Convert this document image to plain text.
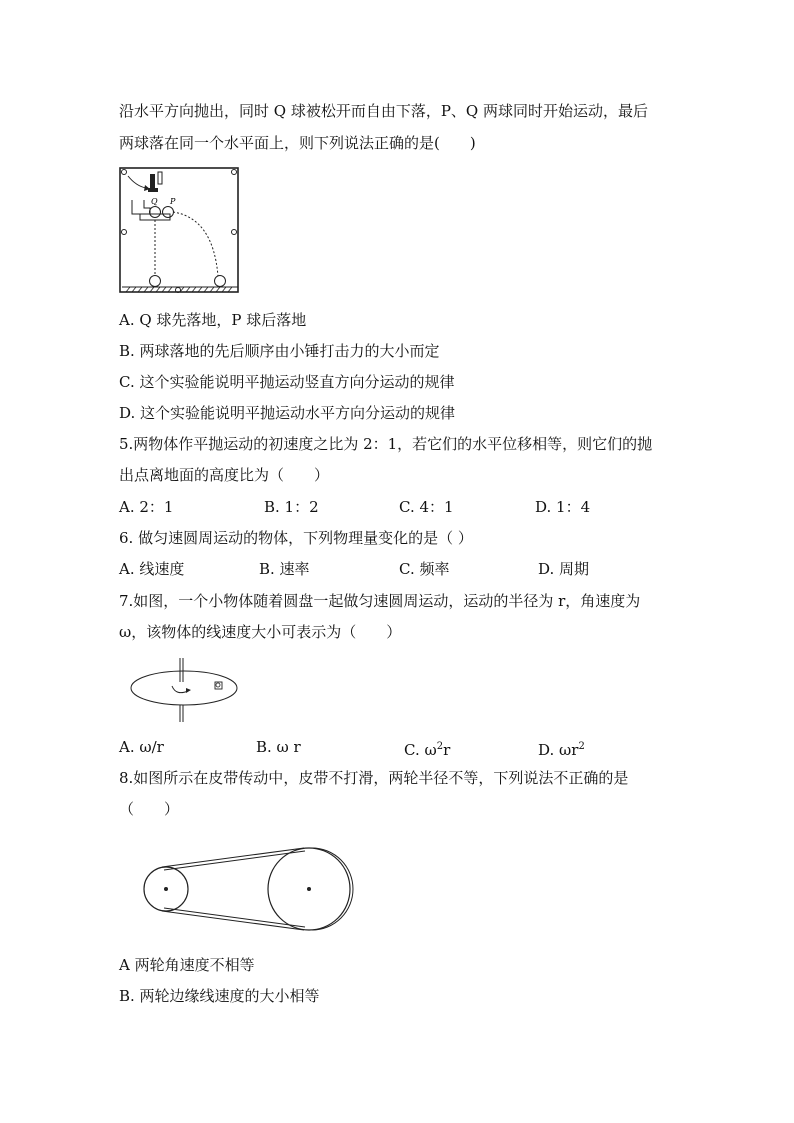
沿水平方向抛出，同时 Q 球被松开而自由下落，P、Q 两球同时开始运动，最后
两球落在同一个水平面上，则下列说法正确的是(　　)
Q P
A. Q 球先落地，P 球后落地
B. 两球落地的先后顺序由小锤打击力的大小而定
C. 这个实验能说明平抛运动竖直方向分运动的规律
D. 这个实验能说明平抛运动水平方向分运动的规律
5.两物体作平抛运动的初速度之比为 2：1，若它们的水平位移相等，则它们的抛
出点离地面的高度比为（　　）
A. 2：1	B. 1：2	C. 4：1	D. 1：4
6. 做匀速圆周运动的物体，下列物理量变化的是（ ）
A. 线速度	B. 速率	C. 频率	D. 周期
7.如图，一个小物体随着圆盘一起做匀速圆周运动，运动的半径为 r，角速度为
ω，该物体的线速度大小可表示为（　　）
A. ω/r	B. ω r	C. $\omega^2r$	D. $\omega r^2$
8.如图所示在皮带传动中，皮带不打滑，两轮半径不等，下列说法不正确的是
（　　）
A 两轮角速度不相等
B. 两轮边缘线速度的大小相等
